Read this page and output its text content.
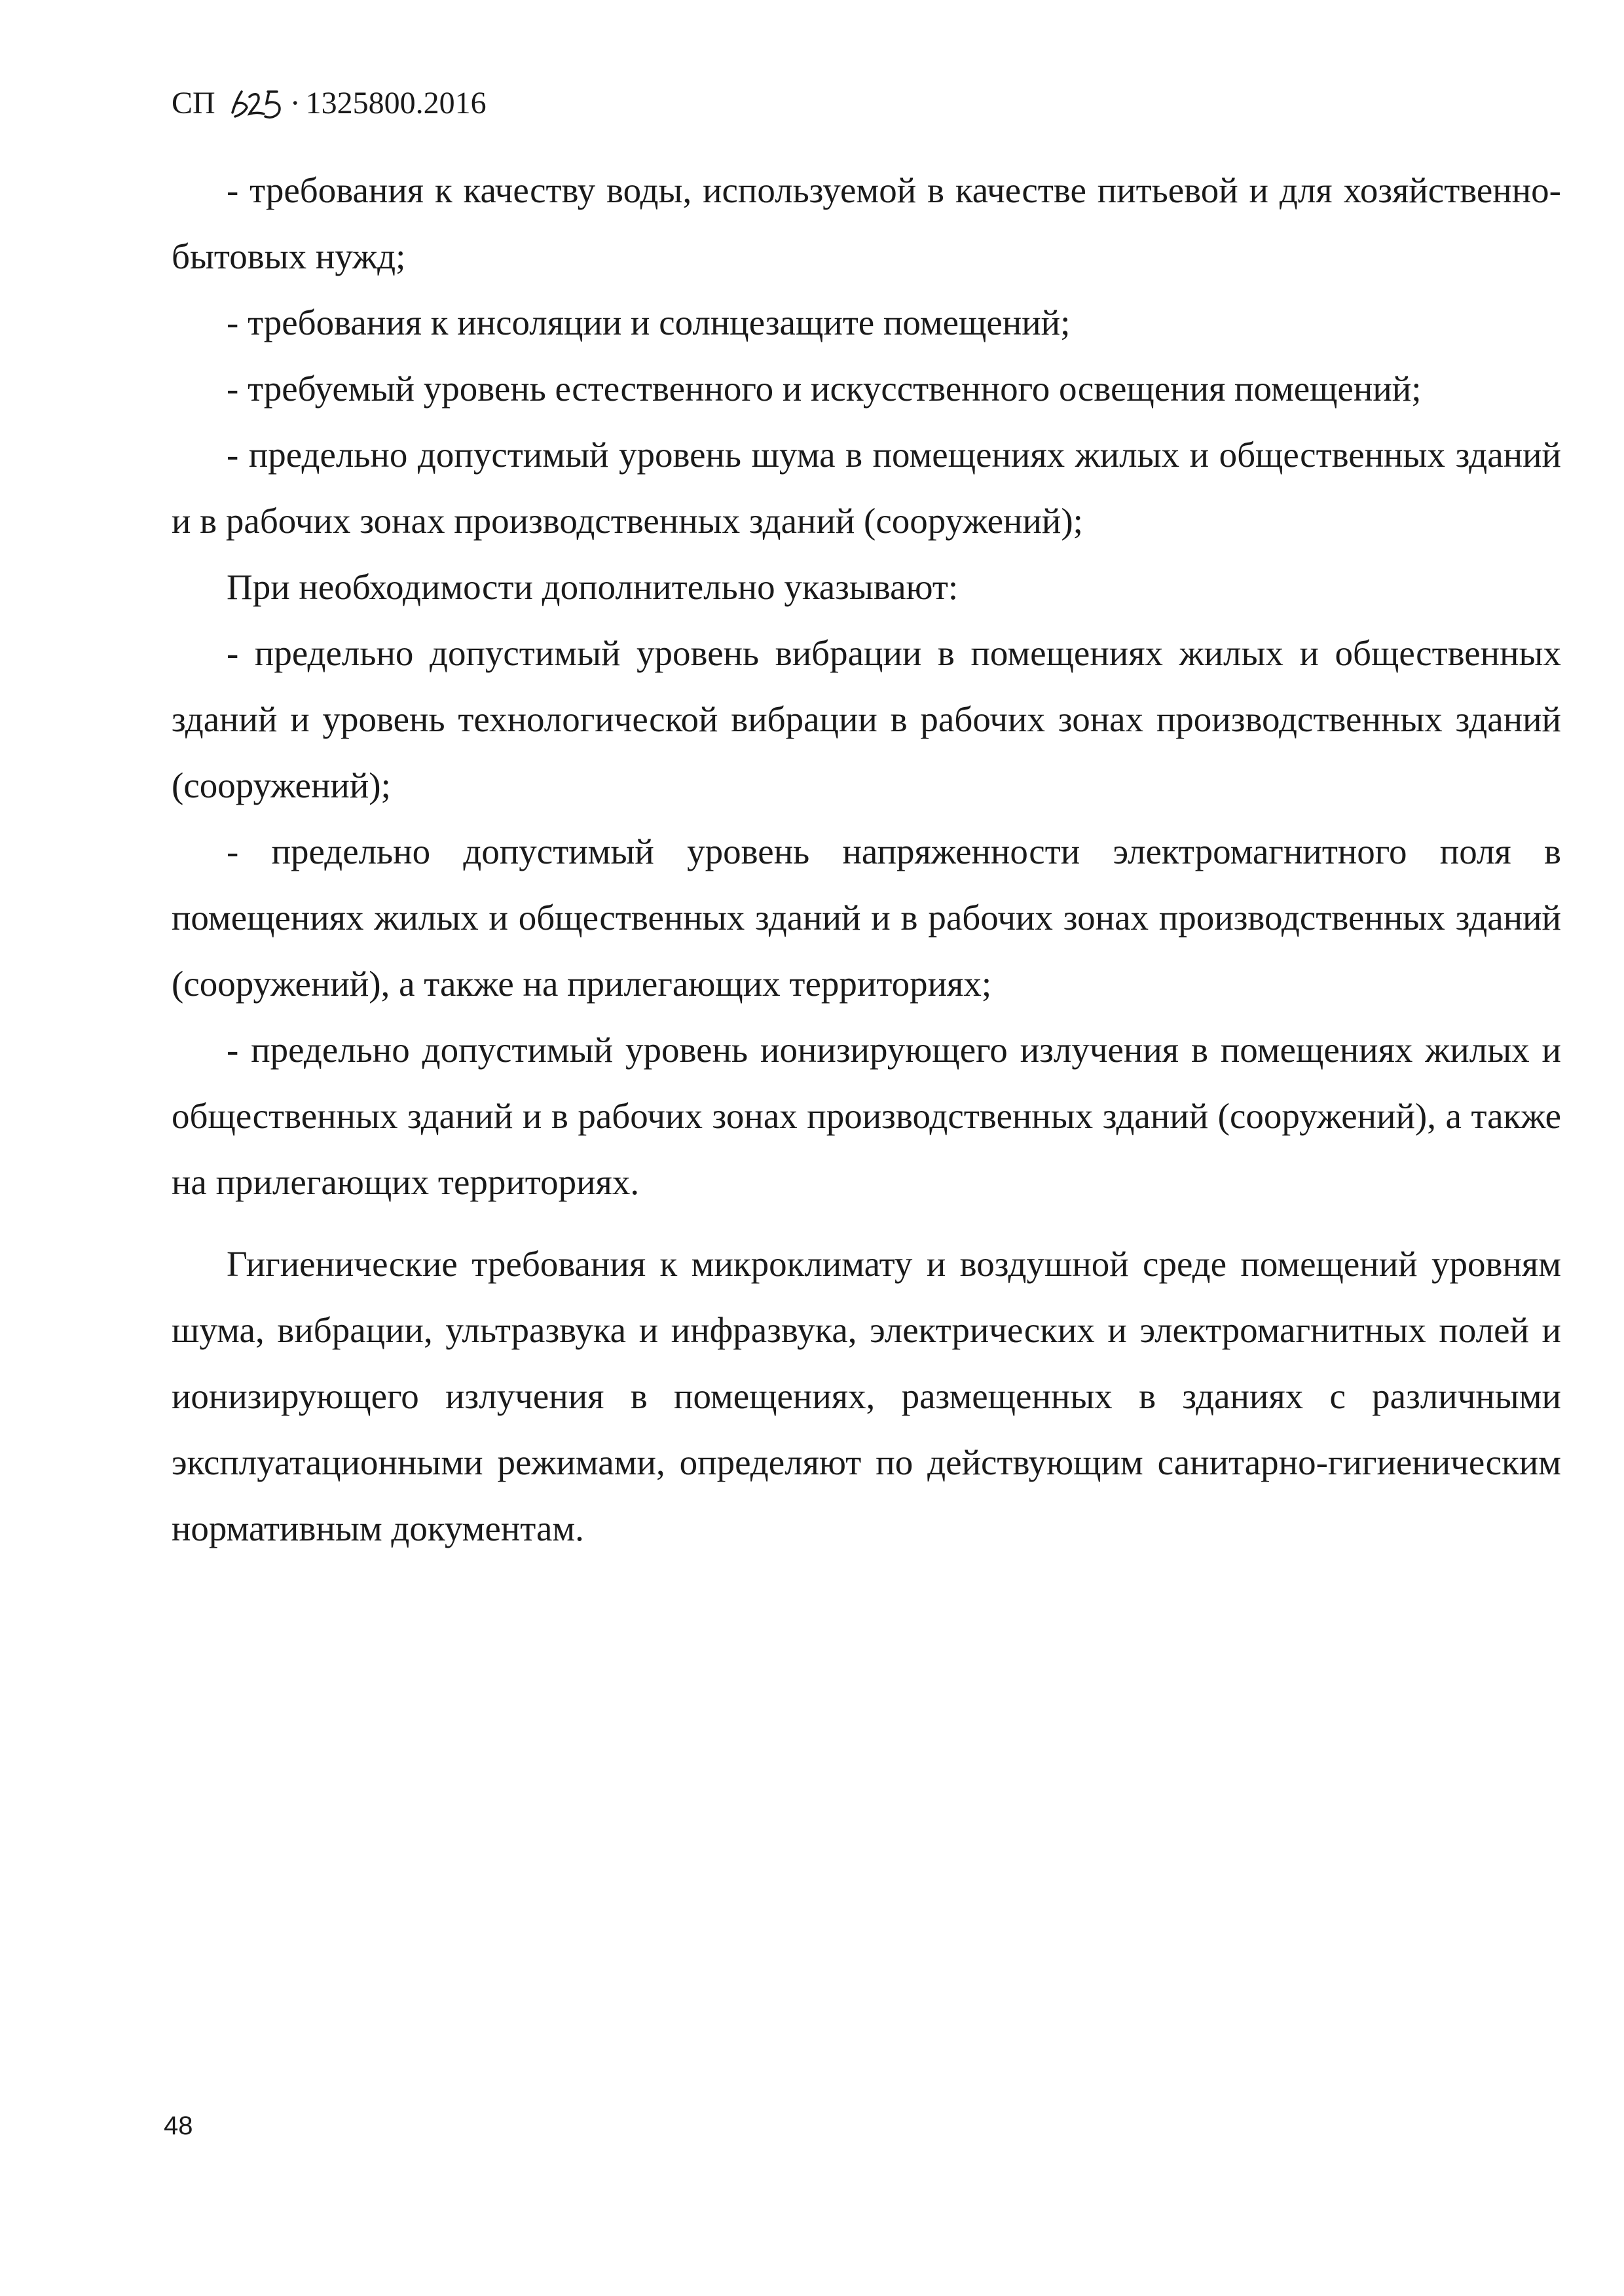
СП · 1325800.2016

- требования к качеству воды, используемой в качестве питьевой и для хозяйственно-бытовых нужд;

- требования к инсоляции и солнцезащите помещений;

- требуемый уровень естественного и искусственного освещения помещений;

- предельно допустимый уровень шума в помещениях жилых и общественных зданий и в рабочих зонах производственных зданий (сооружений);

При необходимости дополнительно указывают:

- предельно допустимый уровень вибрации в помещениях жилых и общественных зданий и уровень технологической вибрации в рабочих зонах производственных зданий (сооружений);

- предельно допустимый уровень напряженности электромагнитного поля в помещениях жилых и общественных зданий и в рабочих зонах производственных зданий (сооружений), а также на прилегающих территориях;

- предельно допустимый уровень ионизирующего излучения в помещениях жилых и общественных зданий и в рабочих зонах производственных зданий (сооружений), а также на прилегающих территориях.

Гигиенические требования к микроклимату и воздушной среде помещений уровням шума, вибрации, ультразвука и инфразвука, электрических и электромагнитных полей и ионизирующего излучения в помещениях, размещенных в зданиях с различными эксплуатационными режимами, определяют по действующим санитарно-гигиеническим нормативным документам.

48
